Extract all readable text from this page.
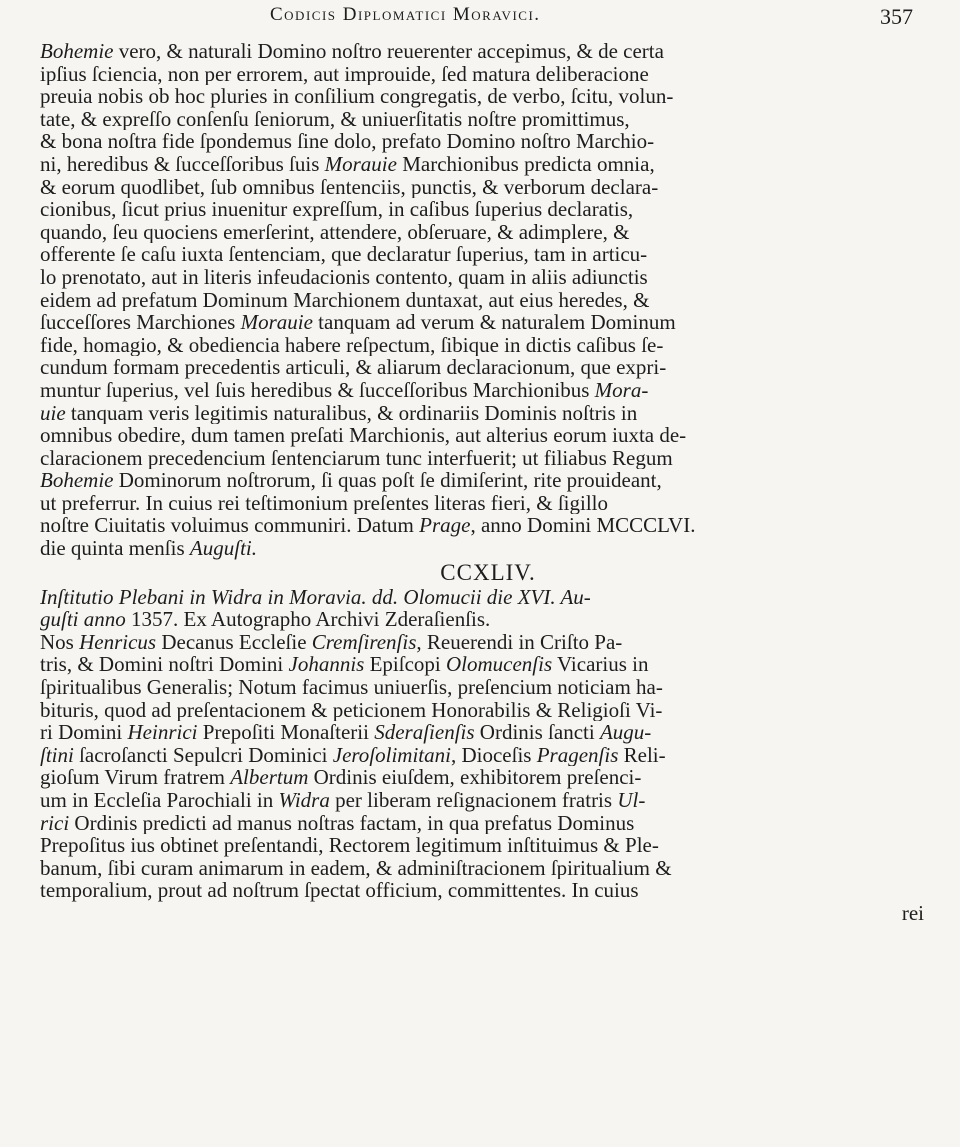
Codicis Diplomatici Moravici.	357
Bohemie vero, & naturali Domino noſtro reuerenter accepimus, & de certa
ipſius ſciencia, non per errorem, aut improuide, ſed matura deliberacione
preuia nobis ob hoc pluries in conſilium congregatis, de verbo, ſcitu, volun-
tate, & expreſſo conſenſu ſeniorum, & uniuerſitatis noſtre promittimus,
& bona noſtra fide ſpondemus ſine dolo, prefato Domino noſtro Marchio-
ni, heredibus & ſucceſſoribus ſuis Morauie Marchionibus predicta omnia,
& eorum quodlibet, ſub omnibus ſentenciis, punctis, & verborum declara-
cionibus, ſicut prius inuenitur expreſſum, in caſibus ſuperius declaratis,
quando, ſeu quociens emerſerint, attendere, obſeruare, & adimplere, &
offerente ſe caſu iuxta ſentenciam, que declaratur ſuperius, tam in articu-
lo prenotato, aut in literis infeudacionis contento, quam in aliis adiunctis
eidem ad prefatum Dominum Marchionem duntaxat, aut eius heredes, &
ſucceſſores Marchiones Morauie tanquam ad verum & naturalem Dominum
fide, homagio, & obediencia habere reſpectum, ſibique in dictis caſibus ſe-
cundum formam precedentis articuli, & aliarum declaracionum, que expri-
muntur ſuperius, vel ſuis heredibus & ſucceſſoribus Marchionibus Mora-
uie tanquam veris legitimis naturalibus, & ordinariis Dominis noſtris in
omnibus obedire, dum tamen preſati Marchionis, aut alterius eorum iuxta de-
claracionem precedencium ſentenciarum tunc interfuerit; ut filiabus Regum
Bohemie Dominorum noſtrorum, ſi quas poſt ſe dimiſerint, rite prouideant,
ut preferrur. In cuius rei teſtimonium preſentes literas fieri, & ſigillo
noſtre Ciuitatis voluimus communiri. Datum Prage, anno Domini MCCCLVI.
die quinta menſis Auguſti.
CCXLIV.
Inſtitutio Plebani in Widra in Moravia. dd. Olomucii die XVI. Au-
guſti anno 1357. Ex Autographo Archivi Zderaſienſis.
Nos Henricus Decanus Eccleſie Cremſirenſis, Reuerendi in Criſto Pa-
tris, & Domini noſtri Domini Johannis Epiſcopi Olomucenſis Vicarius in
ſpiritualibus Generalis; Notum facimus uniuerſis, preſencium noticiam ha-
bituris, quod ad preſentacionem & peticionem Honorabilis & Religioſi Vi-
ri Domini Heinrici Prepoſiti Monaſterii Sderaſienſis Ordinis ſancti Augu-
ſtini ſacroſancti Sepulcri Dominici Jeroſolimitani, Dioceſis Pragenſis Reli-
gioſum Virum fratrem Albertum Ordinis eiuſdem, exhibitorem preſenci-
um in Eccleſia Parochiali in Widra per liberam reſignacionem fratris Ul-
rici Ordinis predicti ad manus noſtras factam, in qua prefatus Dominus
Prepoſitus ius obtinet preſentandi, Rectorem legitimum inſtituimus & Ple-
banum, ſibi curam animarum in eadem, & adminiſtracionem ſpiritualium &
temporalium, prout ad noſtrum ſpectat officium, committentes. In cuius
rei
